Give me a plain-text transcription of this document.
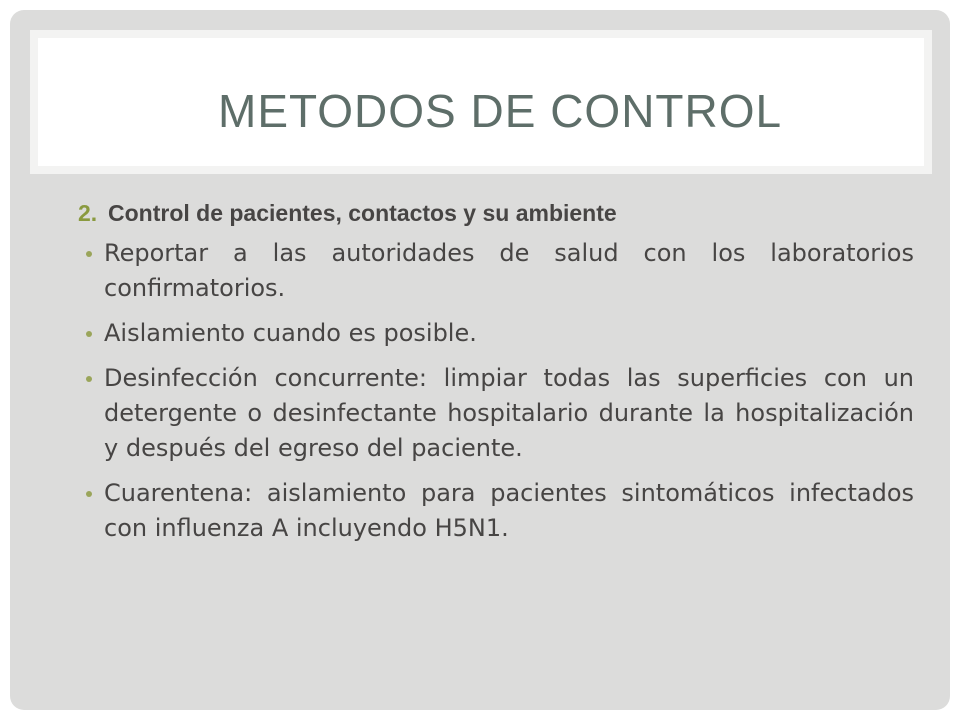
METODOS DE CONTROL
2. Control de pacientes, contactos y su ambiente
Reportar a las autoridades de salud con los laboratorios confirmatorios.
Aislamiento cuando es posible.
Desinfección concurrente: limpiar todas las superficies con un detergente o desinfectante hospitalario durante la hospitalización y después del egreso del paciente.
Cuarentena: aislamiento para pacientes sintomáticos infectados con influenza A incluyendo H5N1.
